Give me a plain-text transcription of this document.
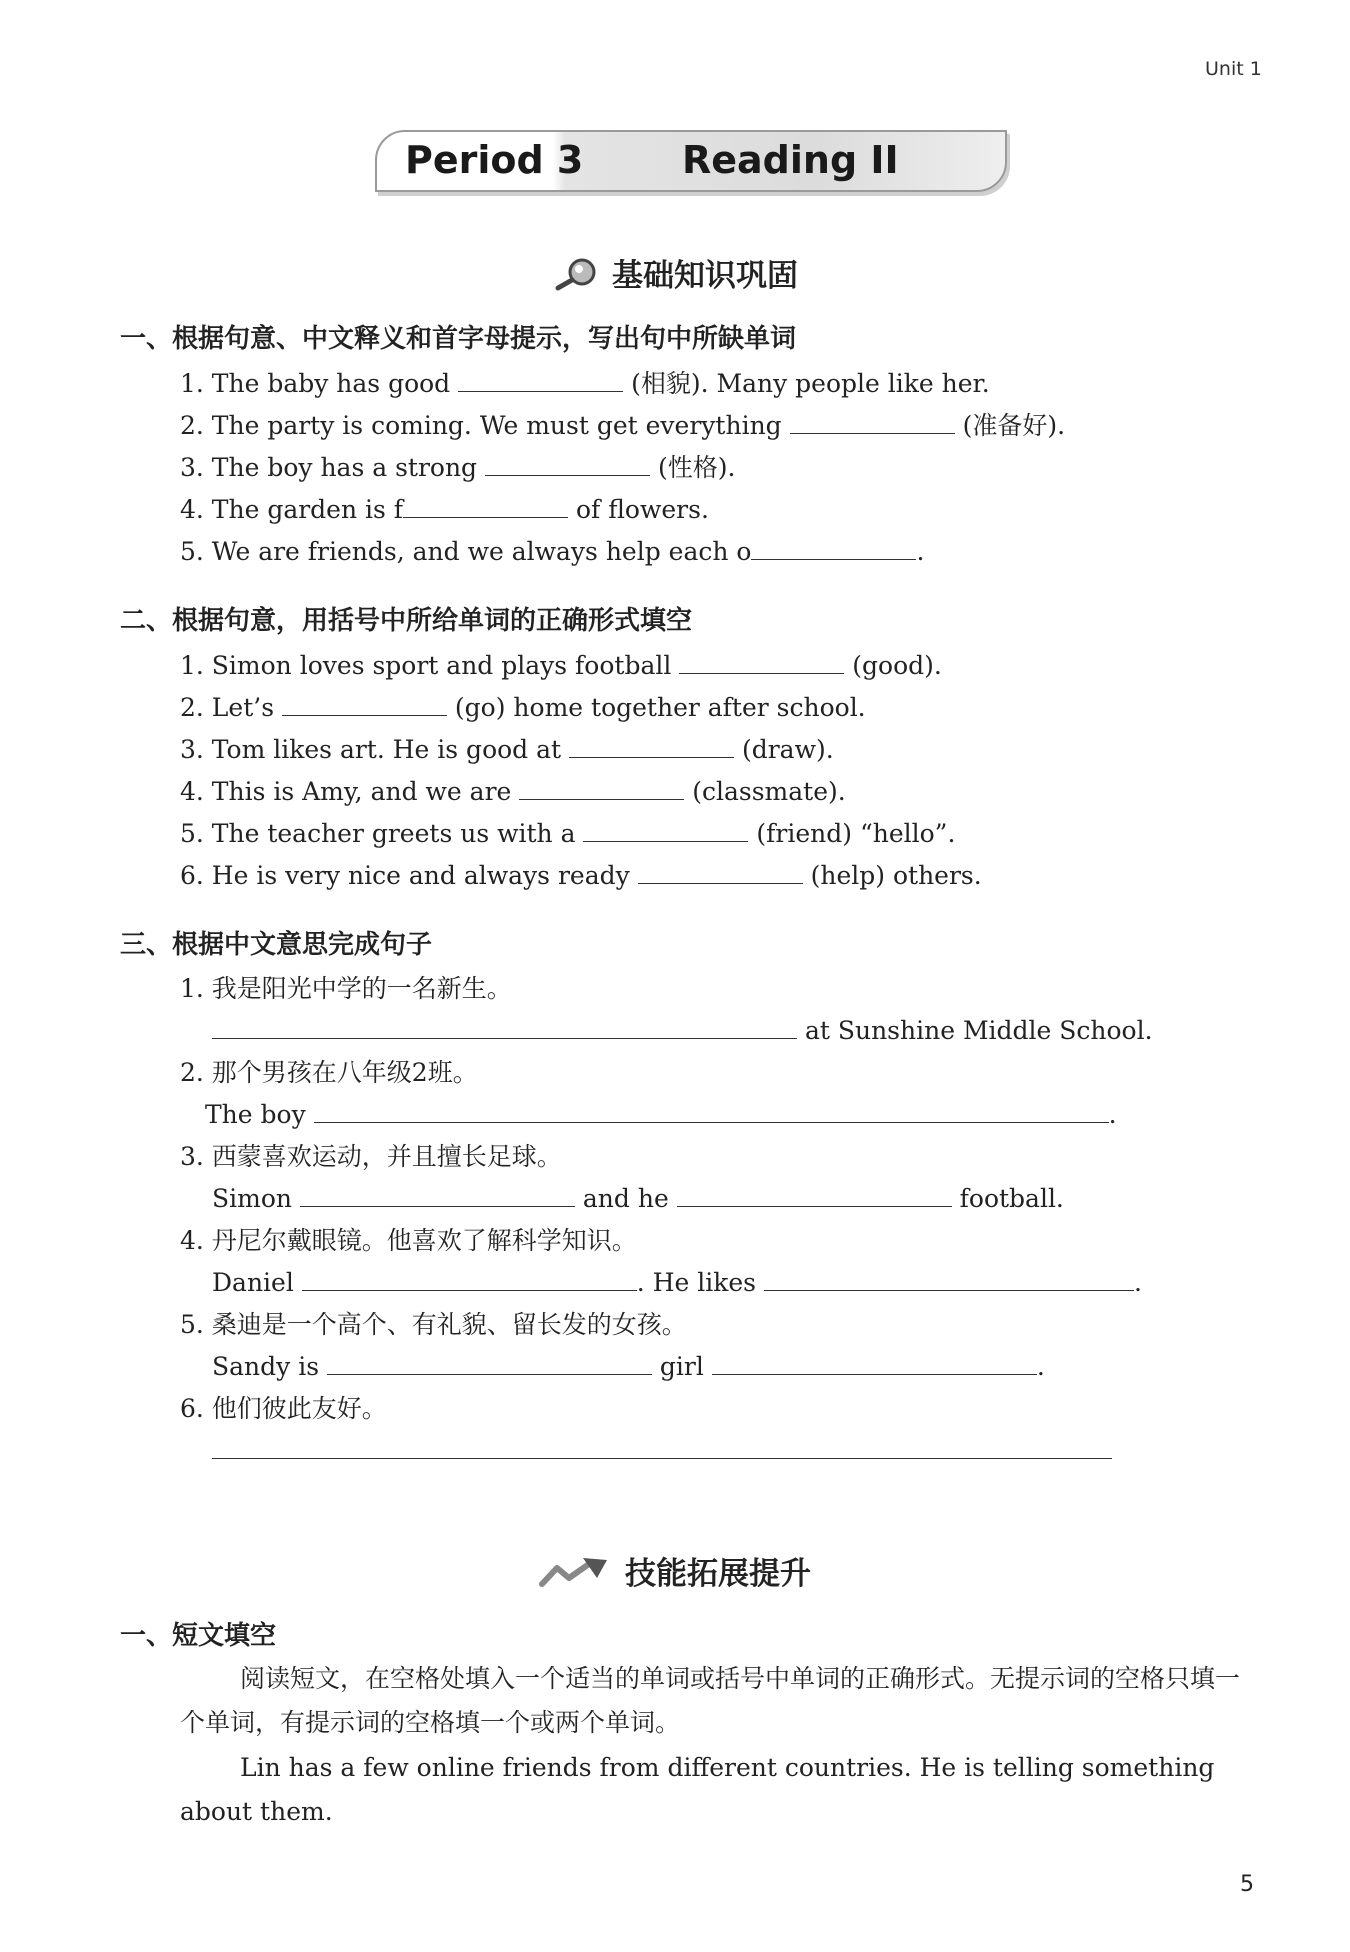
Unit 1
Period 3	Reading II
基础知识巩固
一、根据句意、中文释义和首字母提示，写出句中所缺单词
1. The baby has good	(相貌). Many people like her.
2. The party is coming. We must get everything	(准备好).
3. The boy has a strong	(性格).
4. The garden is f	of flowers.
5. We are friends, and we always help each o	.
二、根据句意，用括号中所给单词的正确形式填空
1. Simon loves sport and plays football	(good).
2. Let’s	(go) home together after school.
3. Tom likes art. He is good at	(draw).
4. This is Amy, and we are	(classmate).
5. The teacher greets us with a	(friend) “hello”.
6. He is very nice and always ready	(help) others.
三、根据中文意思完成句子
1. 我是阳光中学的一名新生。
at Sunshine Middle School.
2. 那个男孩在八年级2班。
The boy	.
3. 西蒙喜欢运动，并且擅长足球。
Simon	and he	football.
4. 丹尼尔戴眼镜。他喜欢了解科学知识。
Daniel	. He likes	.
5. 桑迪是一个高个、有礼貌、留长发的女孩。
Sandy is	girl	.
6. 他们彼此友好。
技能拓展提升
一、短文填空
阅读短文，在空格处填入一个适当的单词或括号中单词的正确形式。无提示词的空格只填一个单词，有提示词的空格填一个或两个单词。
Lin has a few online friends from different countries. He is telling something about them.
5
